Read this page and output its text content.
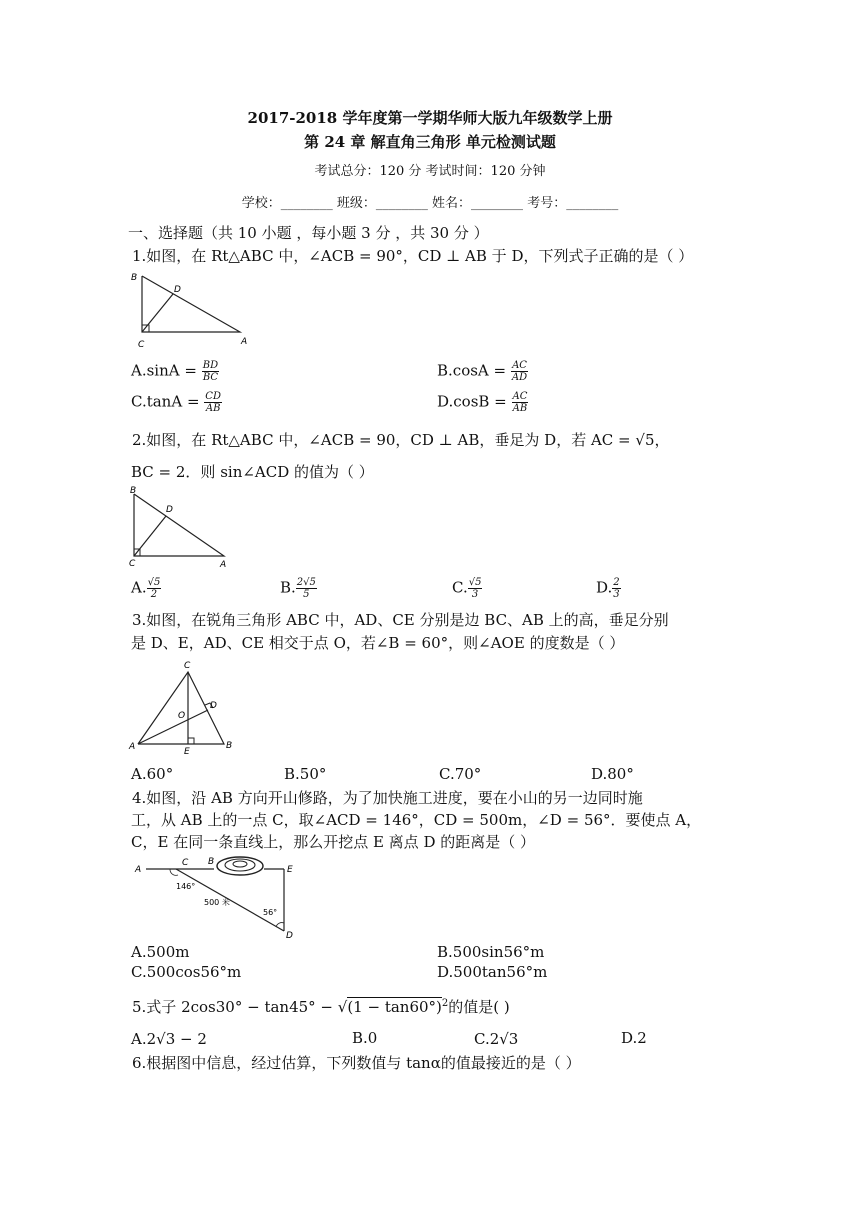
2017-2018 学年度第一学期华师大版九年级数学上册
第 24 章 解直角三角形 单元检测试题
考试总分：120 分 考试时间：120 分钟
学校：________ 班级：________ 姓名：________ 考号：________
一、选择题（共 10 小题 ，每小题 3 分 ，共 30 分 ）
1.如图，在 Rt△ABC 中，∠ACB = 90°，CD ⊥ AB 于 D，下列式子正确的是（ ）
B
D
C	A
$A.\sin A = \frac{BD}{BC}$	$B.\cos A = \frac{AC}{AD}$
$C.\tan A = \frac{CD}{AB}$	$D.\cos B = \frac{AC}{AB}$
2.如图，在 Rt△ABC 中，∠ACB = 90，CD ⊥ AB，垂足为 D，若 AC = √5，
BC = 2．则 sin∠ACD 的值为（ ）
B
D
C	A
A. $\frac{√5}{2}$	B. $\frac{2√5}{5}$	C. $\frac{√5}{3}$	D. $\frac{2}{3}$
3.如图，在锐角三角形 ABC 中，AD、CE 分别是边 BC、AB 上的高，垂足分别
是 D、E，AD、CE 相交于点 O，若∠B = 60°，则∠AOE 的度数是（ ）
C
O
D
A	E
B
A.60°	B.50°	C.70°	D.80°
4.如图，沿 AB 方向开山修路，为了加快施工进度，要在小山的另一边同时施
工，从 AB 上的一点 C，取∠ACD = 146°，CD = 500m，∠D = 56°．要使点 A，
C，E 在同一条直线上，那么开挖点 E 离点 D 的距离是（ ）
A
C B
E
D
146°
500 米
56°
A.500m	B.500sin56°m
C.500cos56°m	D.500tan56°m
5.式子 $2\cos 30^\circ - \tan 45^\circ - √(1 - \tan 60^\circ)^2$的值是( )
A.2√3 − 2	B.0	C.2√3	D.2
6.根据图中信息，经过估算，下列数值与 tanα的值最接近的是（ ）
